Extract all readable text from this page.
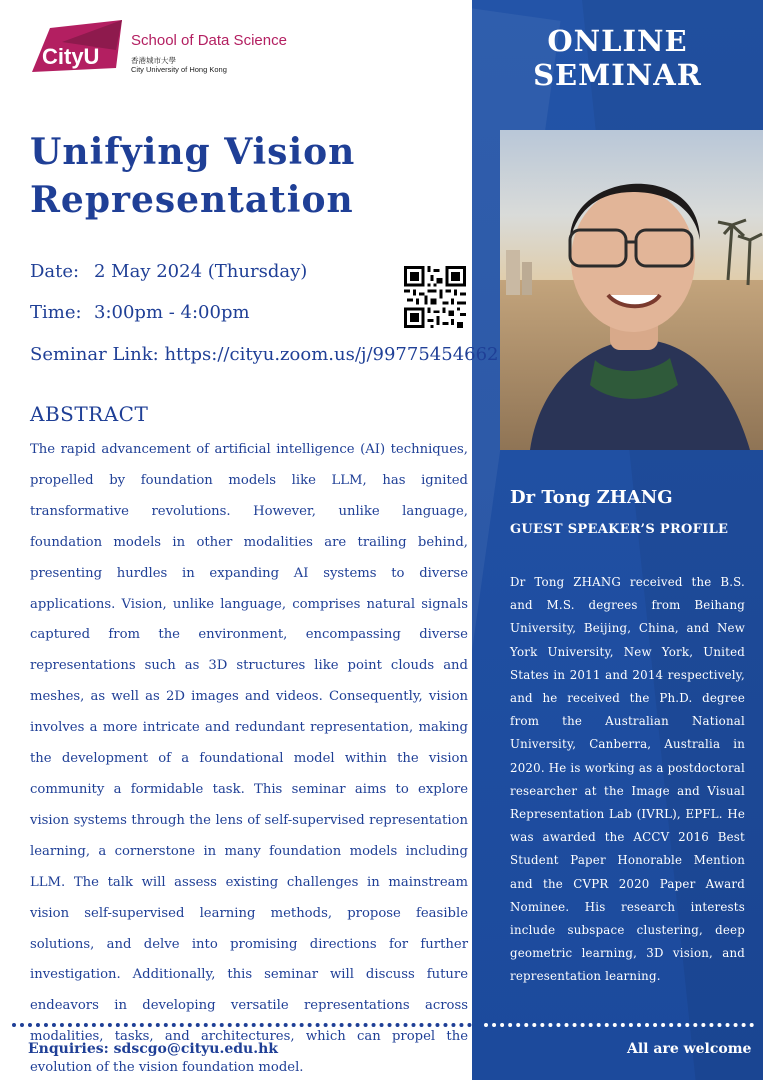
ONLINE
SEMINAR
CityU
School of Data Science
香港城市大學
City University of Hong Kong
Unifying Vision
Representation
Date: 2 May 2024 (Thursday)
Time: 3:00pm - 4:00pm
Seminar Link: https://cityu.zoom.us/j/99775454662
ABSTRACT

The rapid advancement of artificial intelligence (AI) techniques, propelled by foundation models like LLM, has ignited transformative revolutions. However, unlike language, foundation models in other modalities are trailing behind, presenting hurdles in expanding AI systems to diverse applications. Vision, unlike language, comprises natural signals captured from the environment, encompassing diverse representations such as 3D structures like point clouds and meshes, as well as 2D images and videos. Consequently, vision involves a more intricate and redundant representation, making the development of a foundational model within the vision community a formidable task. This seminar aims to explore vision systems through the lens of self-supervised representation learning, a cornerstone in many foundation models including LLM. The talk will assess existing challenges in mainstream vision self-supervised learning methods, propose feasible solutions, and delve into promising directions for further investigation. Additionally, this seminar will discuss future endeavors in developing versatile representations across modalities, tasks, and architectures, which can propel the evolution of the vision foundation model.

Dr Tong ZHANG
GUEST SPEAKER’S PROFILE

Dr Tong ZHANG received the B.S. and M.S. degrees from Beihang University, Beijing, China, and New York University, New York, United States in 2011 and 2014 respectively, and he received the Ph.D. degree from the Australian National University, Canberra, Australia in 2020. He is working as a postdoctoral researcher at the Image and Visual Representation Lab (IVRL), EPFL. He was awarded the ACCV 2016 Best Student Paper Honorable Mention and the CVPR 2020 Paper Award Nominee. His research interests include subspace clustering, deep geometric learning, 3D vision, and representation learning.

Enquiries: sdscgo@cityu.edu.hk	All are welcome
